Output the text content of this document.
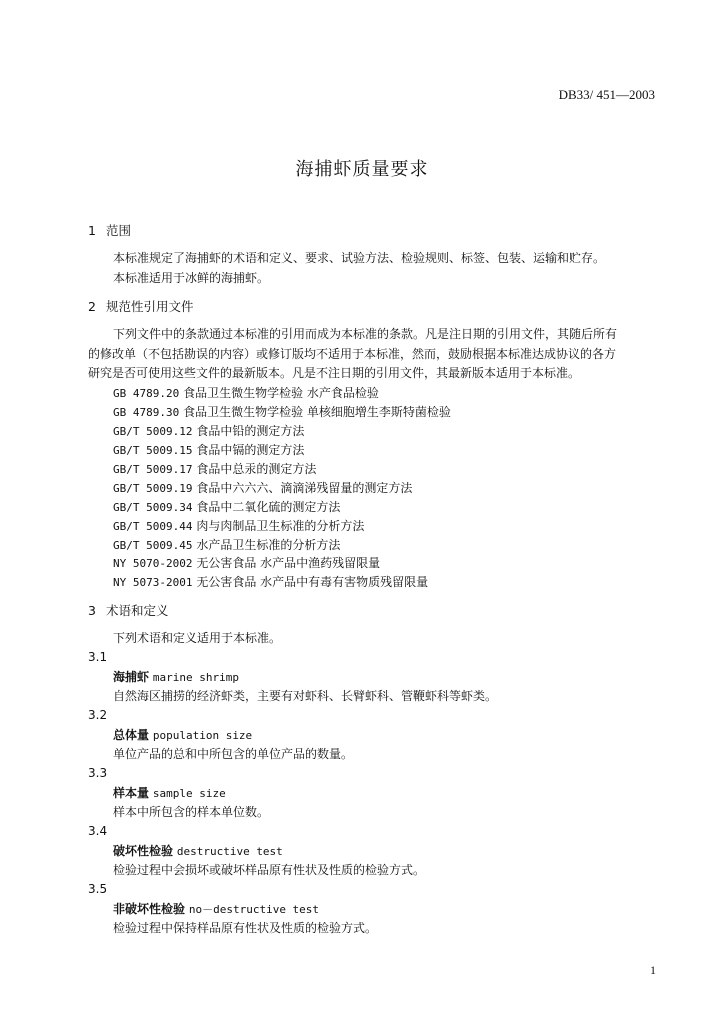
DB33/ 451—2003
海捕虾质量要求
1 范围
本标准规定了海捕虾的术语和定义、要求、试验方法、检验规则、标签、包装、运输和贮存。
本标准适用于冰鲜的海捕虾。
2 规范性引用文件
下列文件中的条款通过本标准的引用而成为本标准的条款。凡是注日期的引用文件，其随后所有
的修改单（不包括勘误的内容）或修订版均不适用于本标准，然而，鼓励根据本标准达成协议的各方
研究是否可使用这些文件的最新版本。凡是不注日期的引用文件，其最新版本适用于本标准。
GB 4789.20 食品卫生微生物学检验 水产食品检验
GB 4789.30 食品卫生微生物学检验 单核细胞增生李斯特菌检验
GB/T 5009.12 食品中铅的测定方法
GB/T 5009.15 食品中镉的测定方法
GB/T 5009.17 食品中总汞的测定方法
GB/T 5009.19 食品中六六六、滴滴涕残留量的测定方法
GB/T 5009.34 食品中二氧化硫的测定方法
GB/T 5009.44 肉与肉制品卫生标准的分析方法
GB/T 5009.45 水产品卫生标准的分析方法
NY 5070-2002 无公害食品 水产品中渔药残留限量
NY 5073-2001 无公害食品 水产品中有毒有害物质残留限量
3 术语和定义
下列术语和定义适用于本标准。
3.1
海捕虾 marine shrimp
自然海区捕捞的经济虾类，主要有对虾科、长臂虾科、管鞭虾科等虾类。
3.2
总体量 population size
单位产品的总和中所包含的单位产品的数量。
3.3
样本量 sample size
样本中所包含的样本单位数。
3.4
破坏性检验 destructive test
检验过程中会损坏或破坏样品原有性状及性质的检验方式。
3.5
非破坏性检验 no－destructive test
检验过程中保持样品原有性状及性质的检验方式。
1
